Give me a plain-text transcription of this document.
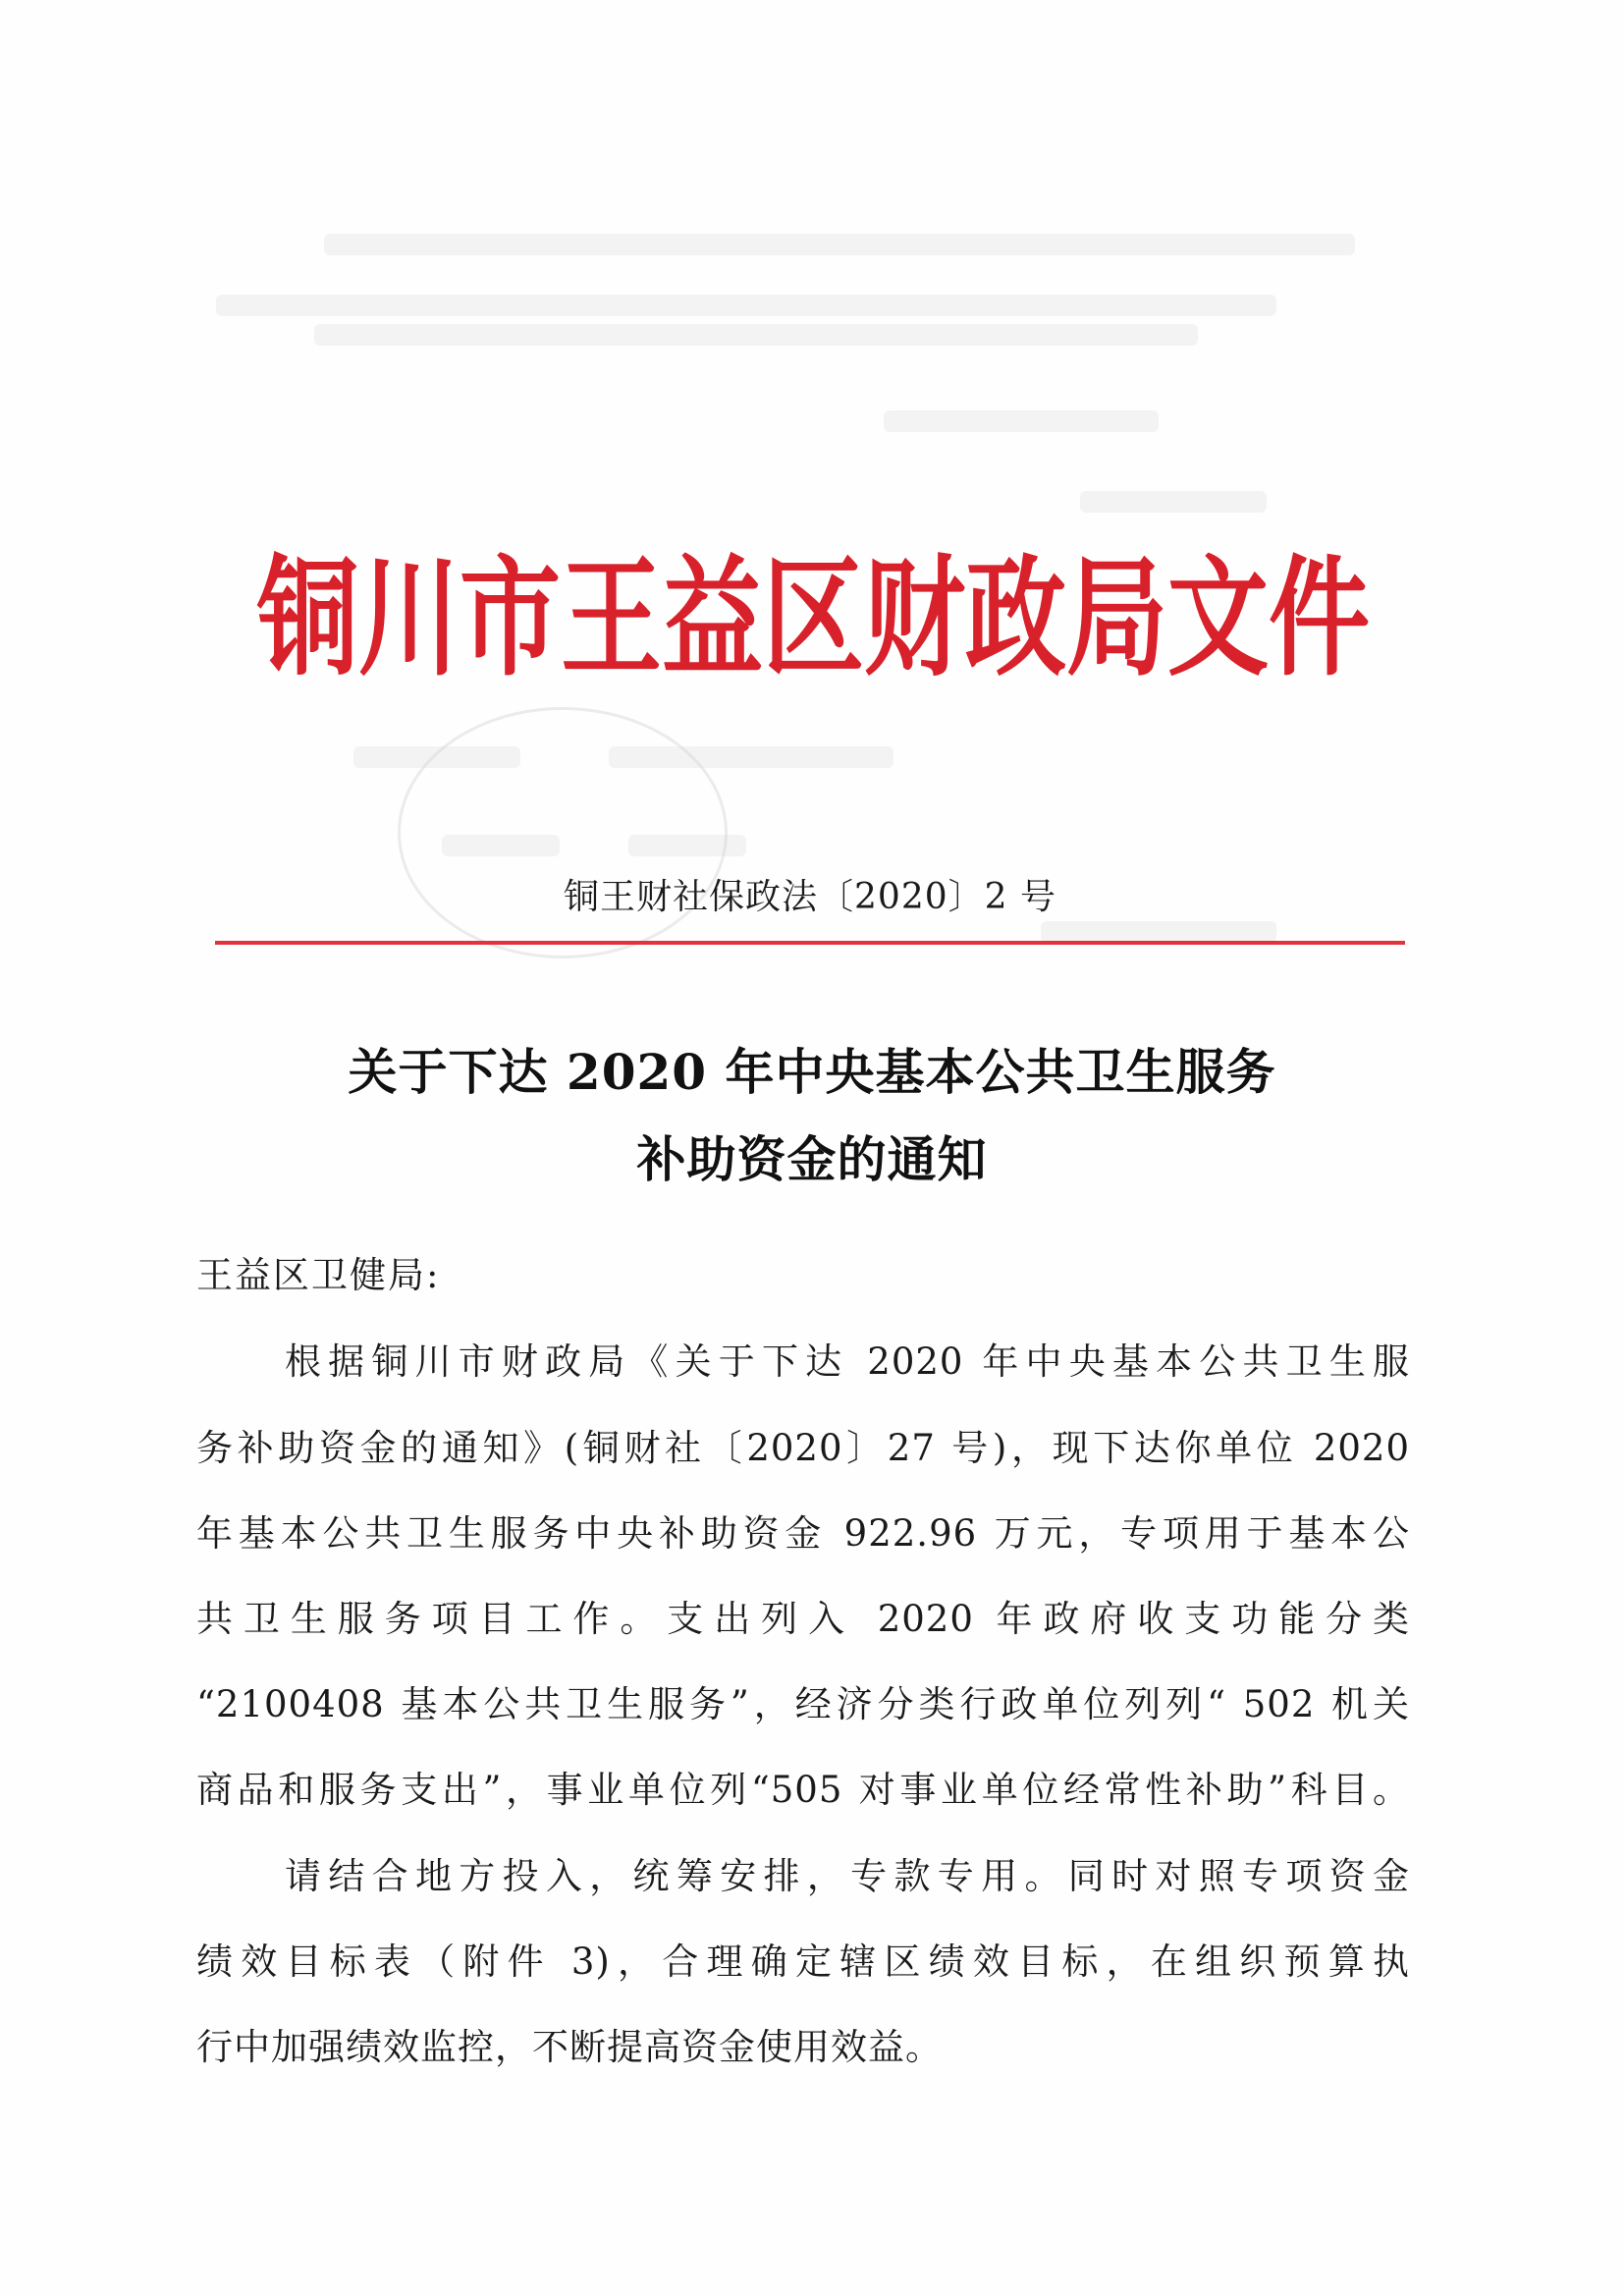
铜川市王益区财政局文件
铜王财社保政法〔2020〕2 号
关于下达 2020 年中央基本公共卫生服务
补助资金的通知
王益区卫健局:
根据铜川市财政局《关于下达 2020 年中央基本公共卫生服
务补助资金的通知》(铜财社〔2020〕27 号)，现下达你单位 2020
年基本公共卫生服务中央补助资金 922.96 万元，专项用于基本公
共卫生服务项目工作。支出列入 2020 年政府收支功能分类
“2100408 基本公共卫生服务”，经济分类行政单位列列“ 502 机关
商品和服务支出”，事业单位列“505 对事业单位经常性补助”科目。
请结合地方投入，统筹安排，专款专用。同时对照专项资金
绩效目标表（附件 3)，合理确定辖区绩效目标，在组织预算执
行中加强绩效监控，不断提高资金使用效益。
